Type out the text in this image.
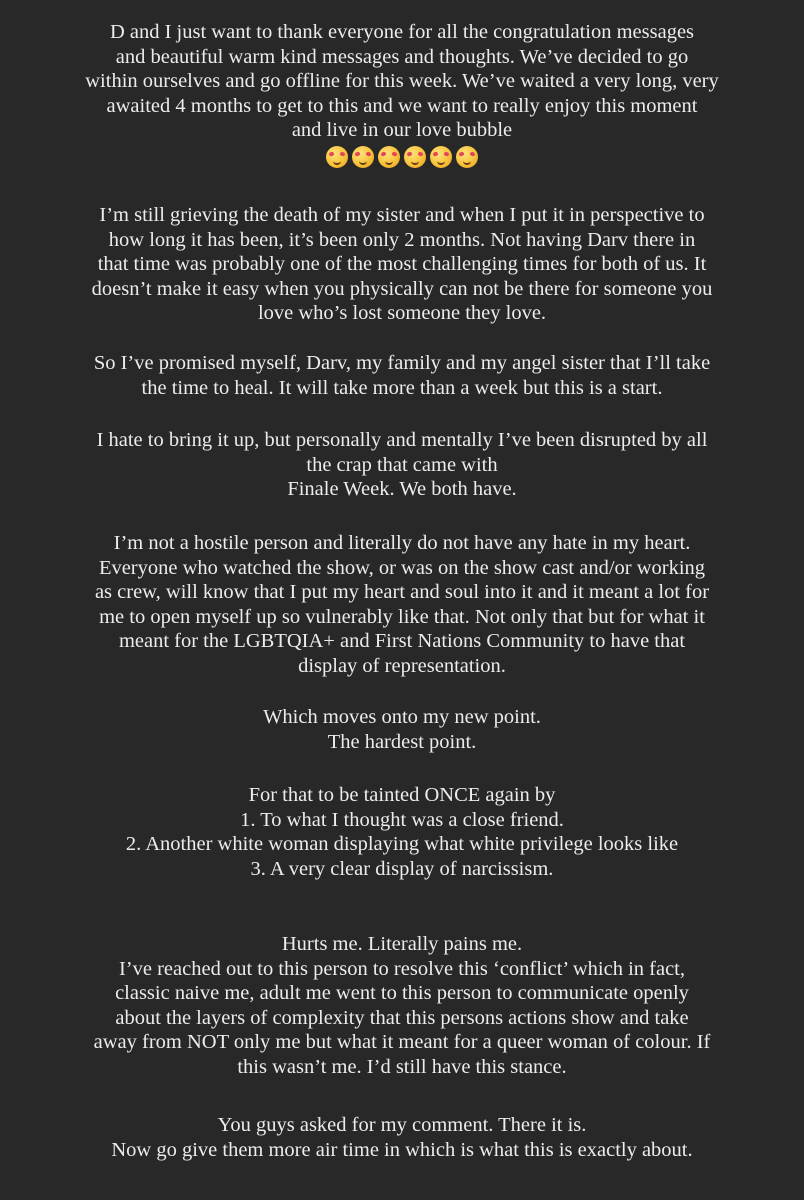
D and I just want to thank everyone for all the congratulation messages
and beautiful warm kind messages and thoughts. We’ve decided to go
within ourselves and go offline for this week. We’ve waited a very long, very
awaited 4 months to get to this and we want to really enjoy this moment
and live in our love bubble
I’m still grieving the death of my sister and when I put it in perspective to
how long it has been, it’s been only 2 months. Not having Darv there in
that time was probably one of the most challenging times for both of us. It
doesn’t make it easy when you physically can not be there for someone you
love who’s lost someone they love.
So I’ve promised myself, Darv, my family and my angel sister that I’ll take
the time to heal. It will take more than a week but this is a start.
I hate to bring it up, but personally and mentally I’ve been disrupted by all
the crap that came with
Finale Week. We both have.
I’m not a hostile person and literally do not have any hate in my heart.
Everyone who watched the show, or was on the show cast and/or working
as crew, will know that I put my heart and soul into it and it meant a lot for
me to open myself up so vulnerably like that. Not only that but for what it
meant for the LGBTQIA+ and First Nations Community to have that
display of representation.
Which moves onto my new point.
The hardest point.
For that to be tainted ONCE again by
1. To what I thought was a close friend.
2. Another white woman displaying what white privilege looks like
3. A very clear display of narcissism.
Hurts me. Literally pains me.
I’ve reached out to this person to resolve this ‘conflict’ which in fact,
classic naive me, adult me went to this person to communicate openly
about the layers of complexity that this persons actions show and take
away from NOT only me but what it meant for a queer woman of colour. If
this wasn’t me. I’d still have this stance.
You guys asked for my comment. There it is.
Now go give them more air time in which is what this is exactly about.
